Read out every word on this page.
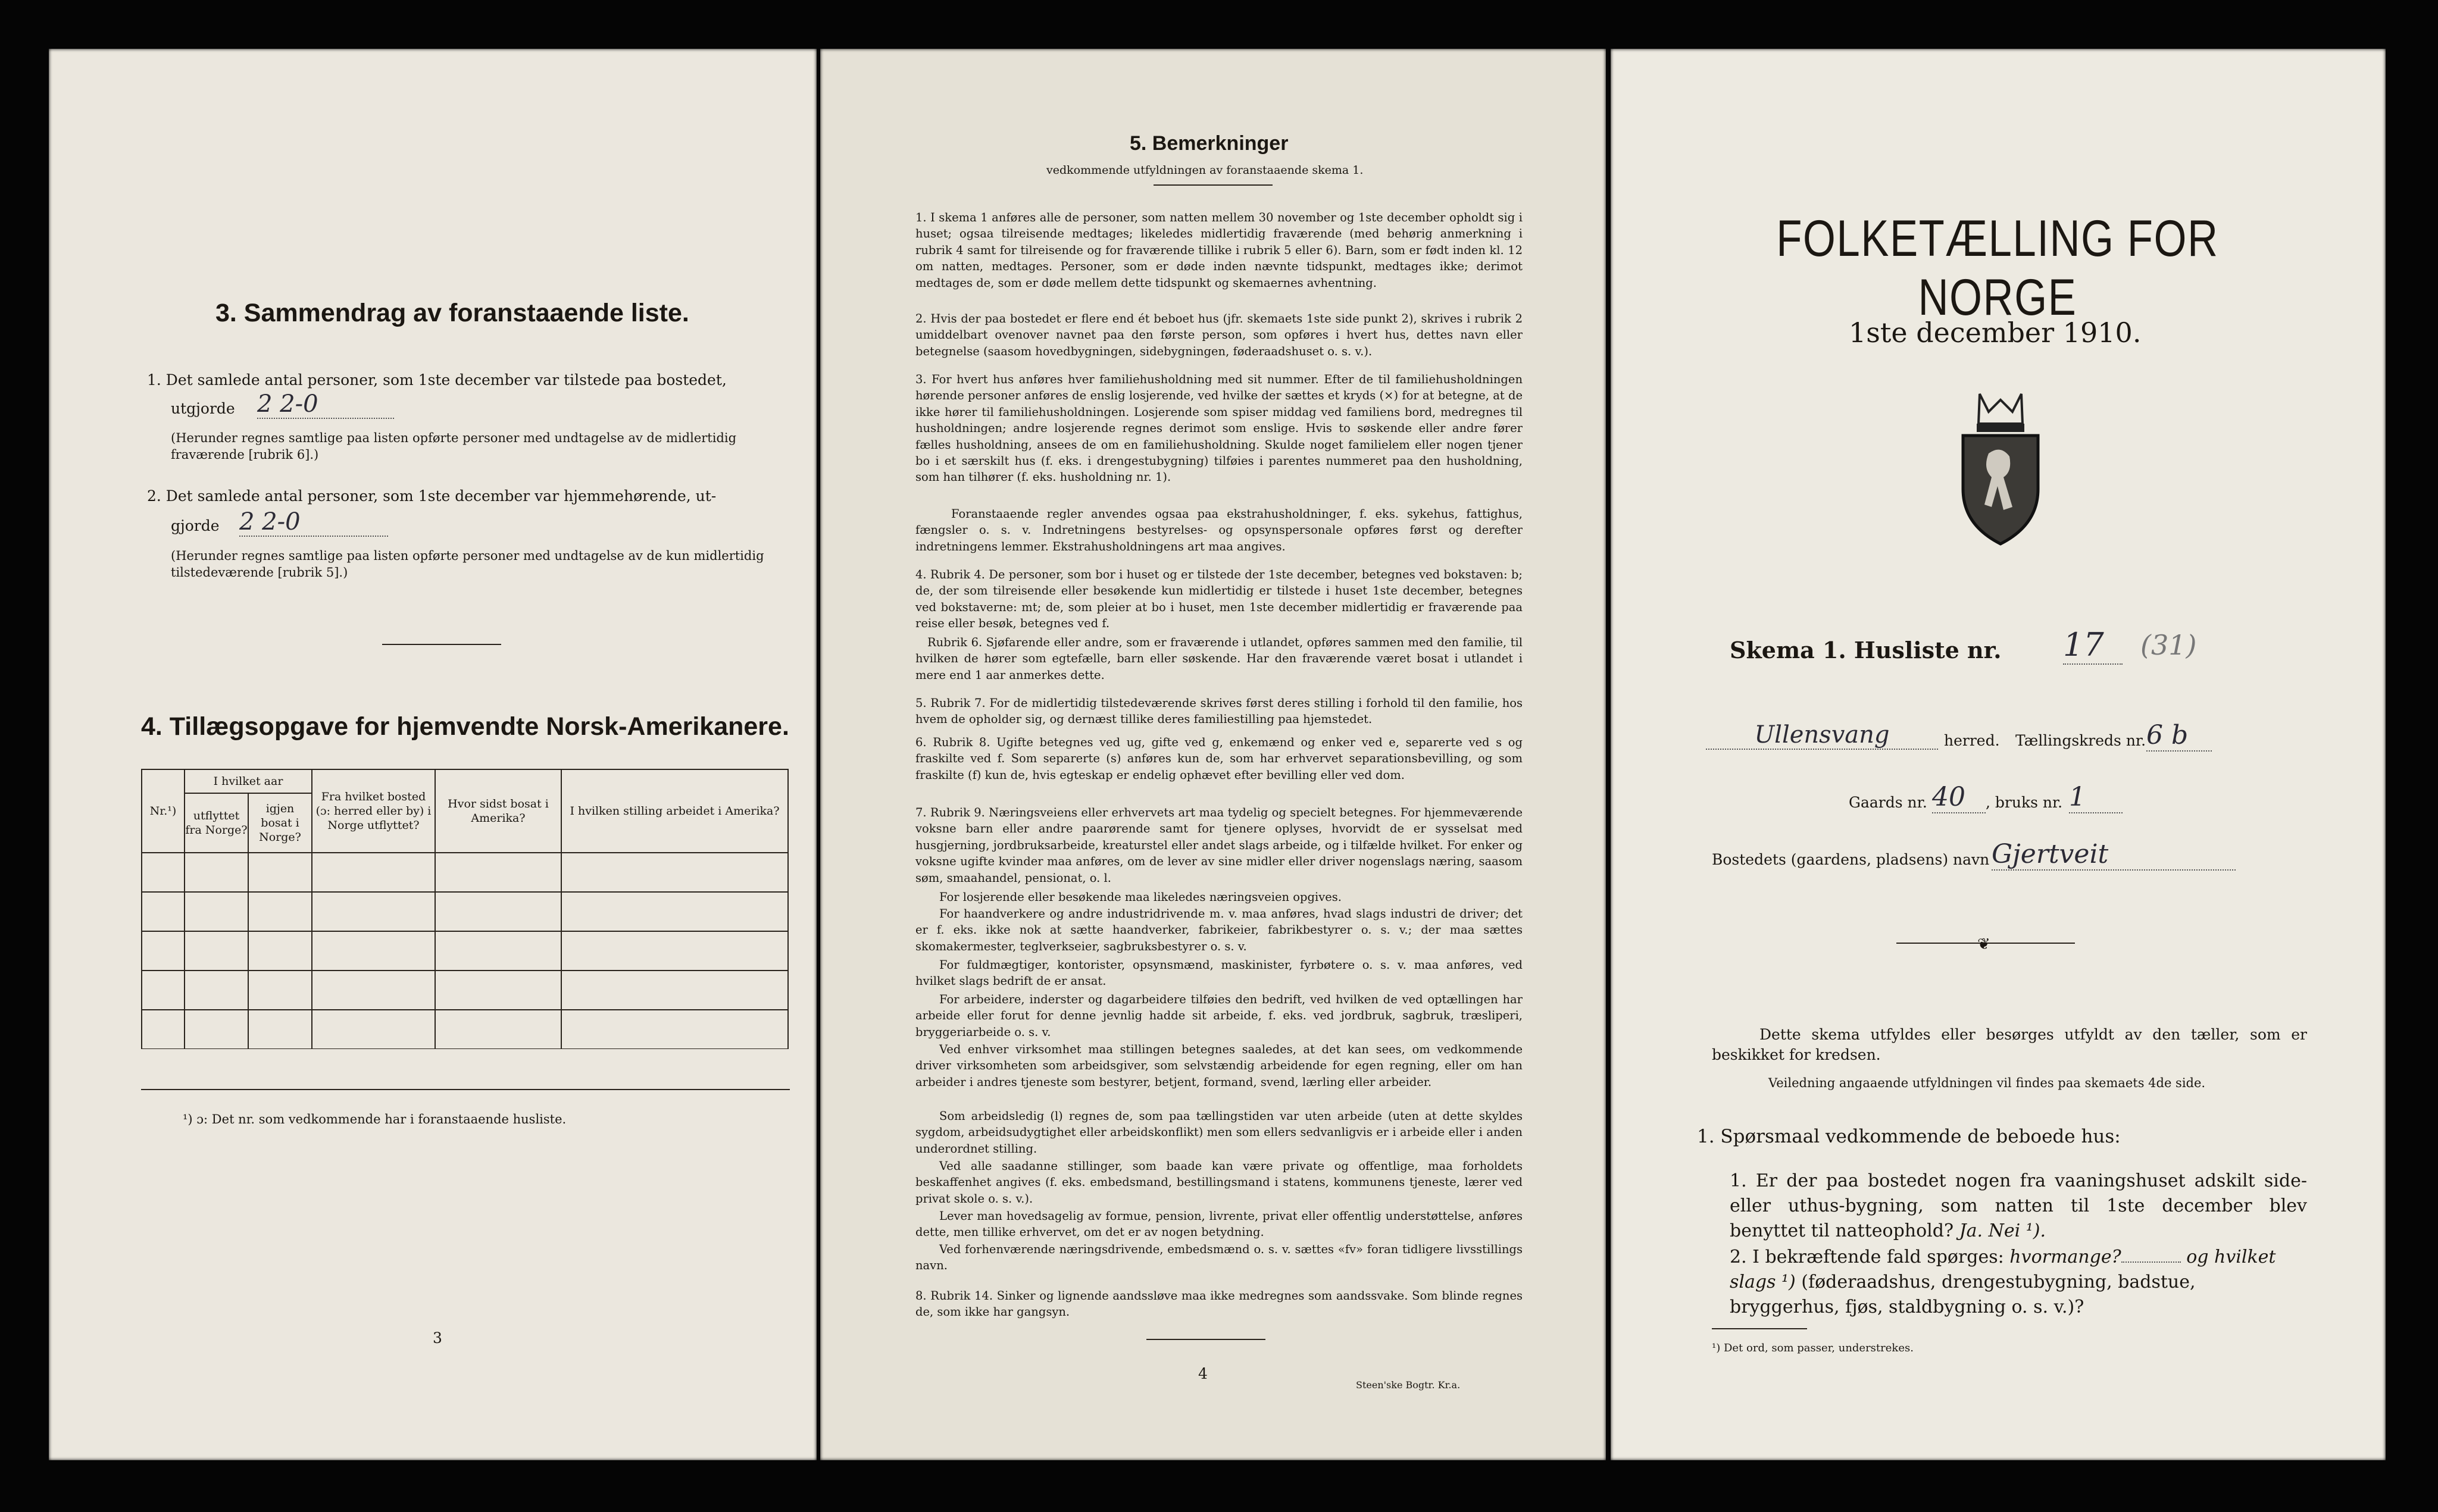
3. Sammendrag av foranstaaende liste.
1. Det samlede antal personer, som 1ste december var tilstede paa bostedet,
utgjorde 2 2-0
(Herunder regnes samtlige paa listen opførte personer med undtagelse av de midlertidig fraværende [rubrik 6].)
2. Det samlede antal personer, som 1ste december var hjemmehørende, ut-
gjorde 2 2-0
(Herunder regnes samtlige paa listen opførte personer med undtagelse av de kun midlertidig tilstedeværende [rubrik 5].)
4. Tillægsopgave for hjemvendte Norsk-Amerikanere.
Nr.¹)	I hvilket aar		Fra hvilket bosted (ɔ: herred eller by) i Norge utflyttet?	Hvor sidst bosat i Amerika?	I hvilken stilling arbeidet i Amerika?
	utflyttet fra Norge?	igjen bosat i Norge?			

¹) ɔ: Det nr. som vedkommende har i foranstaaende husliste.
3
5. Bemerkninger
vedkommende utfyldningen av foranstaaende skema 1.
1. I skema 1 anføres alle de personer, som natten mellem 30 november og 1ste december opholdt sig i huset; ogsaa tilreisende medtages; likeledes midlertidig fraværende (med behørig anmerkning i rubrik 4 samt for tilreisende og for fraværende tillike i rubrik 5 eller 6). Barn, som er født inden kl. 12 om natten, medtages. Personer, som er døde inden nævnte tidspunkt, medtages ikke; derimot medtages de, som er døde mellem dette tidspunkt og skemaernes avhentning.
2. Hvis der paa bostedet er flere end ét beboet hus (jfr. skemaets 1ste side punkt 2), skrives i rubrik 2 umiddelbart ovenover navnet paa den første person, som opføres i hvert hus, dettes navn eller betegnelse (saasom hovedbygningen, sidebygningen, føderaadshuset o. s. v.).
3. For hvert hus anføres hver familiehusholdning med sit nummer. Efter de til familiehusholdningen hørende personer anføres de enslig losjerende, ved hvilke der sættes et kryds (×) for at betegne, at de ikke hører til familiehusholdningen. Losjerende som spiser middag ved familiens bord, medregnes til husholdningen; andre losjerende regnes derimot som enslige. Hvis to søskende eller andre fører fælles husholdning, ansees de om en familiehusholdning. Skulde noget familielem eller nogen tjener bo i et særskilt hus (f. eks. i drengestubygning) tilføies i parentes nummeret paa den husholdning, som han tilhører (f. eks. husholdning nr. 1).
Foranstaaende regler anvendes ogsaa paa ekstrahusholdninger, f. eks. sykehus, fattighus, fængsler o. s. v. Indretningens bestyrelses- og opsynspersonale opføres først og derefter indretningens lemmer. Ekstrahusholdningens art maa angives.
4. Rubrik 4. De personer, som bor i huset og er tilstede der 1ste december, betegnes ved bokstaven: b; de, der som tilreisende eller besøkende kun midlertidig er tilstede i huset 1ste december, betegnes ved bokstaverne: mt; de, som pleier at bo i huset, men 1ste december midlertidig er fraværende paa reise eller besøk, betegnes ved f.
Rubrik 6. Sjøfarende eller andre, som er fraværende i utlandet, opføres sammen med den familie, til hvilken de hører som egtefælle, barn eller søskende. Har den fraværende været bosat i utlandet i mere end 1 aar anmerkes dette.
5. Rubrik 7. For de midlertidig tilstedeværende skrives først deres stilling i forhold til den familie, hos hvem de opholder sig, og dernæst tillike deres familiestilling paa hjemstedet.
6. Rubrik 8. Ugifte betegnes ved ug, gifte ved g, enkemænd og enker ved e, separerte ved s og fraskilte ved f. Som separerte (s) anføres kun de, som har erhvervet separationsbevilling, og som fraskilte (f) kun de, hvis egteskap er endelig ophævet efter bevilling eller ved dom.
7. Rubrik 9. Næringsveiens eller erhvervets art maa tydelig og specielt betegnes. For hjemmeværende voksne barn eller andre paarørende samt for tjenere oplyses, hvorvidt de er sysselsat med husgjerning, jordbruksarbeide, kreaturstel eller andet slags arbeide, og i tilfælde hvilket. For enker og voksne ugifte kvinder maa anføres, om de lever av sine midler eller driver nogenslags næring, saasom søm, smaahandel, pensionat, o. l.
For losjerende eller besøkende maa likeledes næringsveien opgives.
For haandverkere og andre industridrivende m. v. maa anføres, hvad slags industri de driver; det er f. eks. ikke nok at sætte haandverker, fabrikeier, fabrikbestyrer o. s. v.; der maa sættes skomakermester, teglverkseier, sagbruksbestyrer o. s. v.
For fuldmægtiger, kontorister, opsynsmænd, maskinister, fyrbøtere o. s. v. maa anføres, ved hvilket slags bedrift de er ansat.
For arbeidere, inderster og dagarbeidere tilføies den bedrift, ved hvilken de ved optællingen har arbeide eller forut for denne jevnlig hadde sit arbeide, f. eks. ved jordbruk, sagbruk, træsliperi, bryggeriarbeide o. s. v.
Ved enhver virksomhet maa stillingen betegnes saaledes, at det kan sees, om vedkommende driver virksomheten som arbeidsgiver, som selvstændig arbeidende for egen regning, eller om han arbeider i andres tjeneste som bestyrer, betjent, formand, svend, lærling eller arbeider.
Som arbeidsledig (l) regnes de, som paa tællingstiden var uten arbeide (uten at dette skyldes sygdom, arbeidsudygtighet eller arbeidskonflikt) men som ellers sedvanligvis er i arbeide eller i anden underordnet stilling.
Ved alle saadanne stillinger, som baade kan være private og offentlige, maa forholdets beskaffenhet angives (f. eks. embedsmand, bestillingsmand i statens, kommunens tjeneste, lærer ved privat skole o. s. v.).
Lever man hovedsagelig av formue, pension, livrente, privat eller offentlig understøttelse, anføres dette, men tillike erhvervet, om det er av nogen betydning.
Ved forhenværende næringsdrivende, embedsmænd o. s. v. sættes «fv» foran tidligere livsstillings navn.
8. Rubrik 14. Sinker og lignende aandssløve maa ikke medregnes som aandssvake. Som blinde regnes de, som ikke har gangsyn.
4
Steen'ske Bogtr. Kr.a.
FOLKETÆLLING FOR NORGE
1ste december 1910.
Skema 1. Husliste nr. 17	(31)
Ullensvang	herred. Tællingskreds nr. 6 b
Gaards nr. 40	, bruks nr. 1
Bostedets (gaardens, pladsens) navn Gjertveit
❦
Dette skema utfyldes eller besørges utfyldt av den tæller, som er beskikket for kredsen.
Veiledning angaaende utfyldningen vil findes paa skemaets 4de side.
1. Spørsmaal vedkommende de beboede hus:
1. Er der paa bostedet nogen fra vaaningshuset adskilt side- eller uthus-bygning, som natten til 1ste december blev benyttet til natteophold? Ja. Nei ¹).
2. I bekræftende fald spørges: hvormange?	og hvilket slags ¹) (føderaadshus, drengestubygning, badstue, bryggerhus, fjøs, staldbygning o. s. v.)?
¹) Det ord, som passer, understrekes.
